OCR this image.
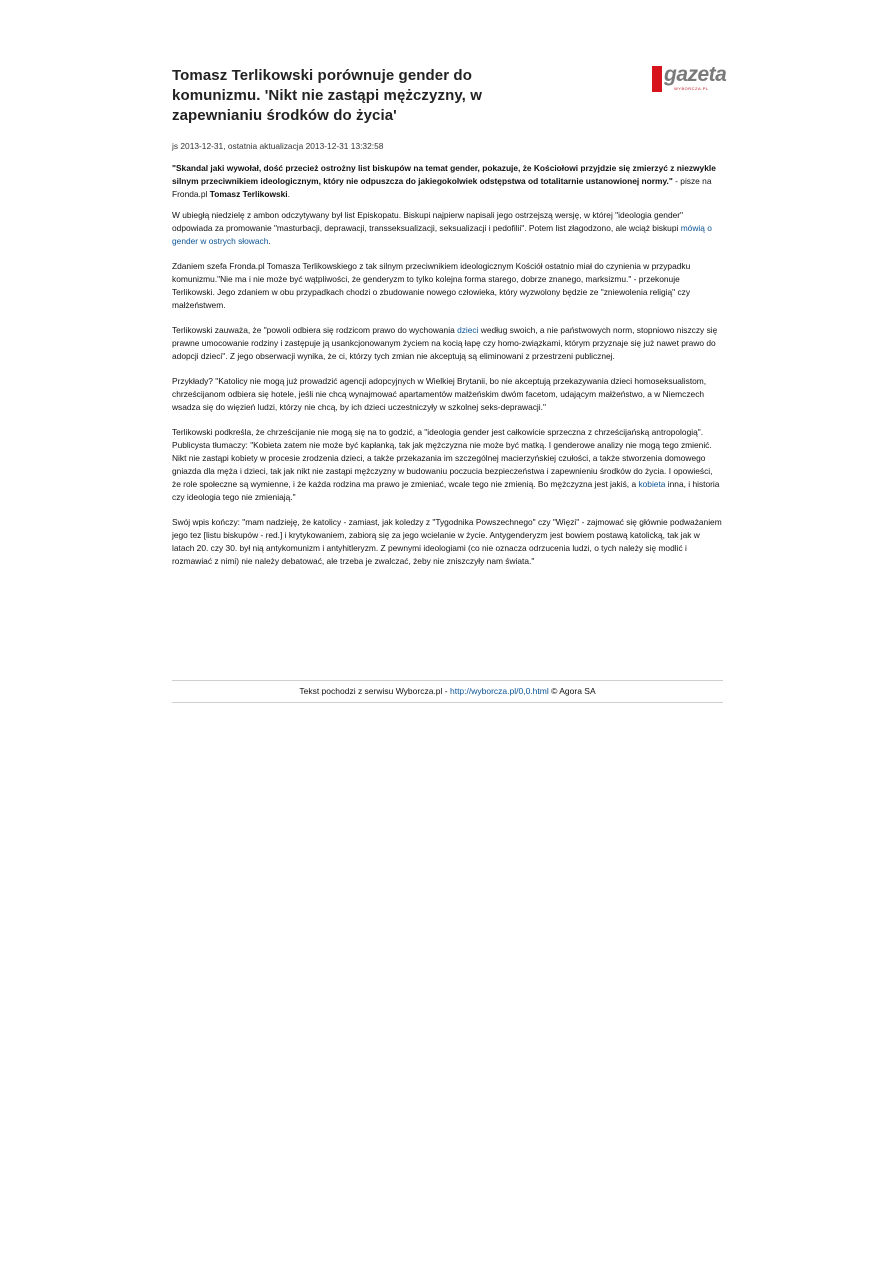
Tomasz Terlikowski porównuje gender do komunizmu. 'Nikt nie zastąpi mężczyzny, w zapewnianiu środków do życia'
gazeta
WYBORCZA.PL
js 2013-12-31, ostatnia aktualizacja 2013-12-31 13:32:58
"Skandal jaki wywołał, dość przecież ostrożny list biskupów na temat gender, pokazuje, że Kościołowi przyjdzie się zmierzyć z niezwykle silnym przeciwnikiem ideologicznym, który nie odpuszcza do jakiegokolwiek odstępstwa od totalitarnie ustanowionej normy." - pisze na Fronda.pl Tomasz Terlikowski.

W ubiegłą niedzielę z ambon odczytywany był list Episkopatu. Biskupi najpierw napisali jego ostrzejszą wersję, w której "ideologia gender" odpowiada za promowanie "masturbacji, deprawacji, transseksualizacji, seksualizacji i pedofilii". Potem list złagodzono, ale wciąż biskupi mówią o gender w ostrych słowach.

Zdaniem szefa Fronda.pl Tomasza Terlikowskiego z tak silnym przeciwnikiem ideologicznym Kościół ostatnio miał do czynienia w przypadku komunizmu."Nie ma i nie może być wątpliwości, że genderyzm to tylko kolejna forma starego, dobrze znanego, marksizmu." - przekonuje Terlikowski. Jego zdaniem w obu przypadkach chodzi o zbudowanie nowego człowieka, który wyzwolony będzie ze "zniewolenia religią" czy małżeństwem.

Terlikowski zauważa, że "powoli odbiera się rodzicom prawo do wychowania dzieci według swoich, a nie państwowych norm, stopniowo niszczy się prawne umocowanie rodziny i zastępuje ją usankcjonowanym życiem na kocią łapę czy homo-związkami, którym przyznaje się już nawet prawo do adopcji dzieci". Z jego obserwacji wynika, że ci, którzy tych zmian nie akceptują są eliminowani z przestrzeni publicznej.

Przykłady? "Katolicy nie mogą już prowadzić agencji adopcyjnych w Wielkiej Brytanii, bo nie akceptują przekazywania dzieci homoseksualistom, chrześcijanom odbiera się hotele, jeśli nie chcą wynajmować apartamentów małżeńskim dwóm facetom, udającym małżeństwo, a w Niemczech wsadza się do więzień ludzi, którzy nie chcą, by ich dzieci uczestniczyły w szkolnej seks-deprawacji."

Terlikowski podkreśla, że chrześcijanie nie mogą się na to godzić, a "ideologia gender jest całkowicie sprzeczna z chrześcijańską antropologią". Publicysta tłumaczy: "Kobieta zatem nie może być kapłanką, tak jak mężczyzna nie może być matką. I genderowe analizy nie mogą tego zmienić. Nikt nie zastąpi kobiety w procesie zrodzenia dzieci, a także przekazania im szczególnej macierzyńskiej czułości, a także stworzenia domowego gniazda dla męża i dzieci, tak jak nikt nie zastąpi mężczyzny w budowaniu poczucia bezpieczeństwa i zapewnieniu środków do życia. I opowieści, że role społeczne są wymienne, i że każda rodzina ma prawo je zmieniać, wcale tego nie zmienią. Bo mężczyzna jest jakiś, a kobieta inna, i historia czy ideologia tego nie zmieniają."

Swój wpis kończy: "mam nadzieję, że katolicy - zamiast, jak koledzy z "Tygodnika Powszechnego" czy "Więzi" - zajmować się głównie podważaniem jego tez [listu biskupów - red.] i krytykowaniem, zabiorą się za jego wcielanie w życie. Antygenderyzm jest bowiem postawą katolicką, tak jak w latach 20. czy 30. był nią antykomunizm i antyhitleryzm. Z pewnymi ideologiami (co nie oznacza odrzucenia ludzi, o tych należy się modlić i rozmawiać z nimi) nie należy debatować, ale trzeba je zwalczać, żeby nie zniszczyły nam świata."

Tekst pochodzi z serwisu Wyborcza.pl - http://wyborcza.pl/0,0.html © Agora SA
